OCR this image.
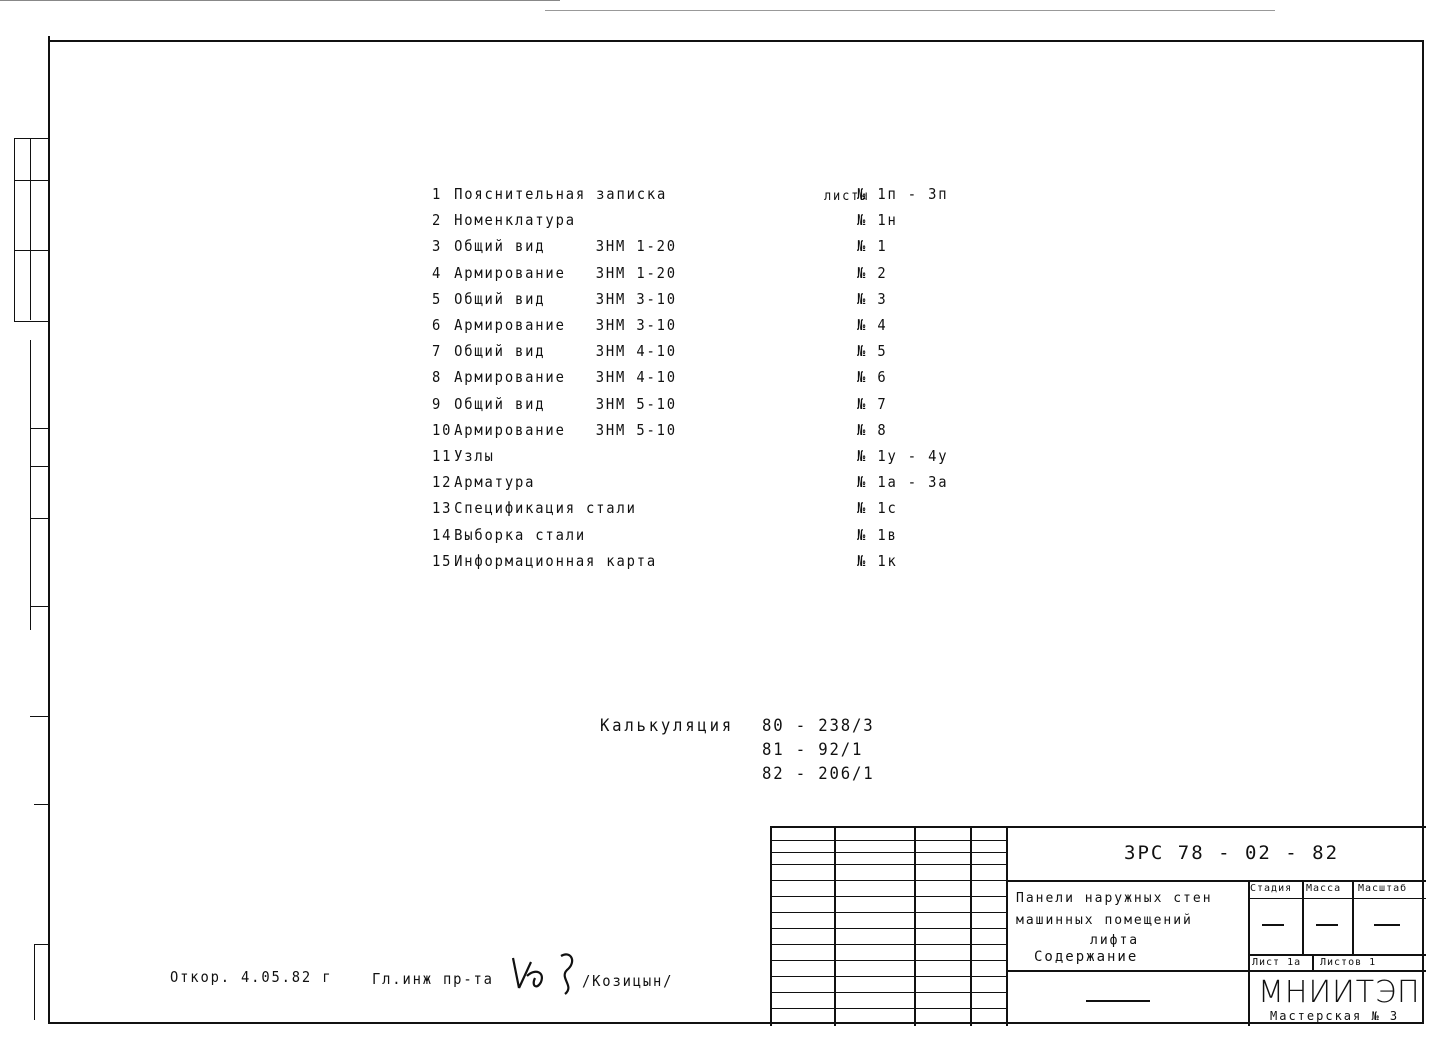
листы
1 Пояснительная записка	№ 1п - 3п
2 Номенклатура	№ 1н
3 Общий вид	3НМ 1-20	№ 1
4 Армирование 3НМ 1-20	№ 2
5 Общий вид	3НМ 3-10	№ 3
6 Армирование 3НМ 3-10	№ 4
7 Общий вид	3НМ 4-10	№ 5
8 Армирование 3НМ 4-10	№ 6
9 Общий вид	3НМ 5-10	№ 7
10 Армирование 3НМ 5-10	№ 8
11 Узлы	№ 1у - 4у
12 Арматура	№ 1а - 3а
13 Спецификация стали	№ 1с
14 Выборка стали	№ 1в
15 Информационная карта	№ 1к
Калькуляция 80 - 238/3
81 - 92/1
82 - 206/1
Откор. 4.05.82 г	Гл.инж пр-та	/Козицын/
3РС 78 - 02 - 82
Панели наружных стен
машинных помещений
лифта
Содержание
Стадия Масса Масштаб
Лист 1а Листов 1
МНИИТЭП
Мастерская № 3
